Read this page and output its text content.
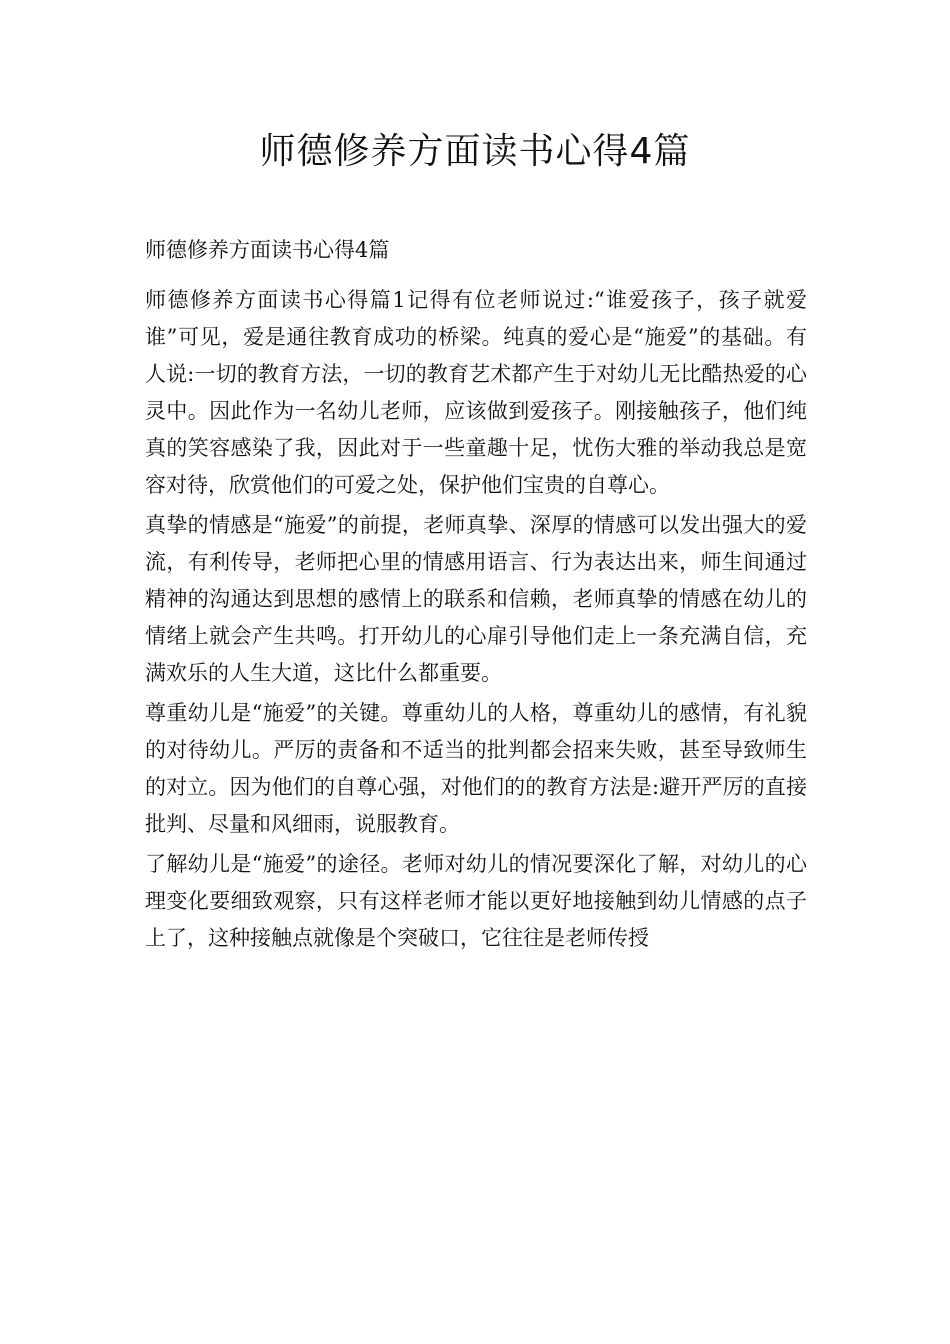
师德修养方面读书心得4篇

师德修养方面读书心得4篇

师德修养方面读书心得篇1记得有位老师说过:“谁爱孩子，孩子就爱谁”可见，爱是通往教育成功的桥梁。纯真的爱心是“施爱”的基础。有人说:一切的教育方法，一切的教育艺术都产生于对幼儿无比酷热爱的心灵中。因此作为一名幼儿老师，应该做到爱孩子。刚接触孩子，他们纯真的笑容感染了我，因此对于一些童趣十足，忧伤大雅的举动我总是宽容对待，欣赏他们的可爱之处，保护他们宝贵的自尊心。

真挚的情感是“施爱”的前提，老师真挚、深厚的情感可以发出强大的爱流，有利传导，老师把心里的情感用语言、行为表达出来，师生间通过精神的沟通达到思想的感情上的联系和信赖，老师真挚的情感在幼儿的情绪上就会产生共鸣。打开幼儿的心扉引导他们走上一条充满自信，充满欢乐的人生大道，这比什么都重要。

尊重幼儿是“施爱”的关键。尊重幼儿的人格，尊重幼儿的感情，有礼貌的对待幼儿。严厉的责备和不适当的批判都会招来失败，甚至导致师生的对立。因为他们的自尊心强，对他们的的教育方法是:避开严厉的直接批判、尽量和风细雨，说服教育。

了解幼儿是“施爱”的途径。老师对幼儿的情况要深化了解，对幼儿的心理变化要细致观察，只有这样老师才能以更好地接触到幼儿情感的点子上了，这种接触点就像是个突破口，它往往是老师传授
